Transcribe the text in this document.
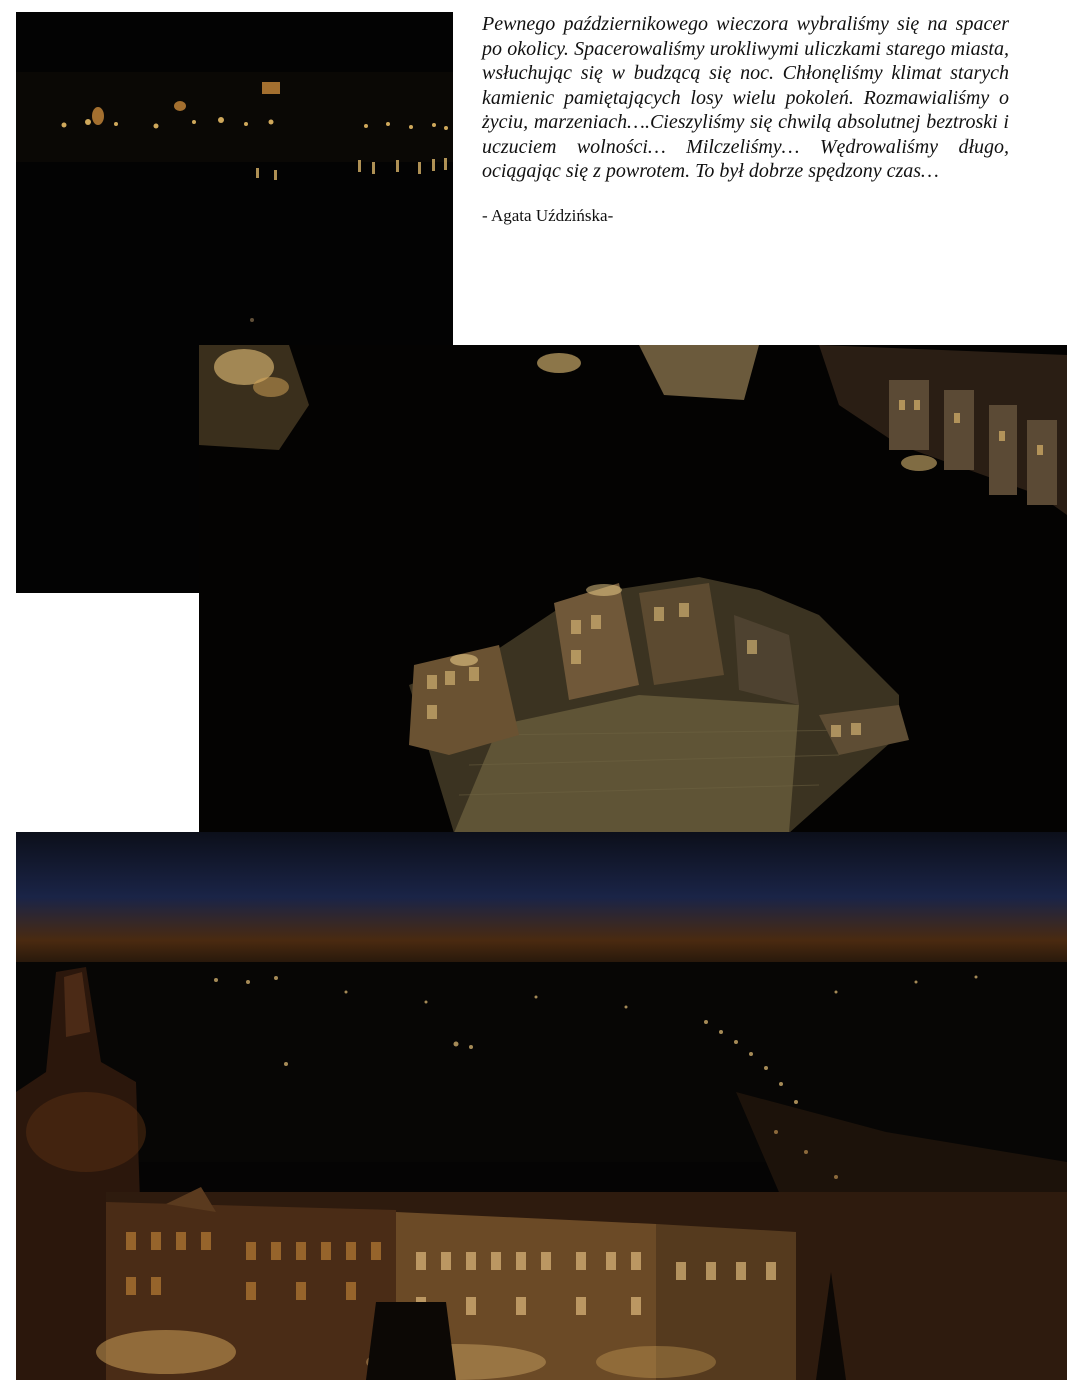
Pewnego październikowego wieczora wybraliśmy się na spacer po okolicy. Spacerowaliśmy urokliwymi uliczkami starego miasta, wsłuchując się w budzącą się noc. Chłonęliśmy klimat starych kamienic pamiętających losy wielu pokoleń. Rozmawialiśmy o życiu, marzeniach….Cieszyliśmy się chwilą absolutnej beztroski i uczuciem wolności… Milczeliśmy… Wędrowaliśmy długo, ociągając się z powrotem. To był dobrze spędzony czas…

- Agata Uździńska-
